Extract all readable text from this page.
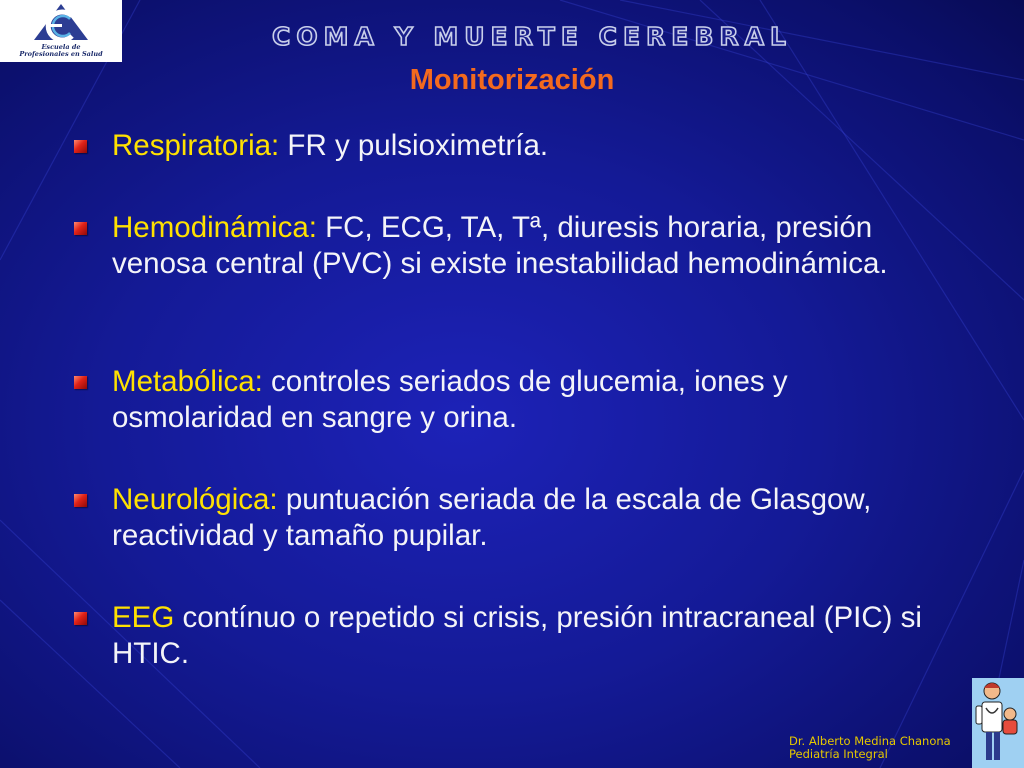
Escuela de
Profesionales en Salud
COMA Y MUERTE CEREBRAL
Monitorización
Respiratoria: FR y pulsioximetría.
Hemodinámica: FC, ECG, TA, Tª, diuresis horaria, presión venosa central (PVC) si existe inestabilidad hemodinámica.
Metabólica: controles seriados de glucemia, iones y osmolaridad en sangre y orina.
Neurológica: puntuación seriada de la escala de Glasgow, reactividad y tamaño pupilar.
EEG contínuo o repetido si crisis, presión intracraneal (PIC) si HTIC.
Dr. Alberto Medina Chanona
Pediatría Integral
